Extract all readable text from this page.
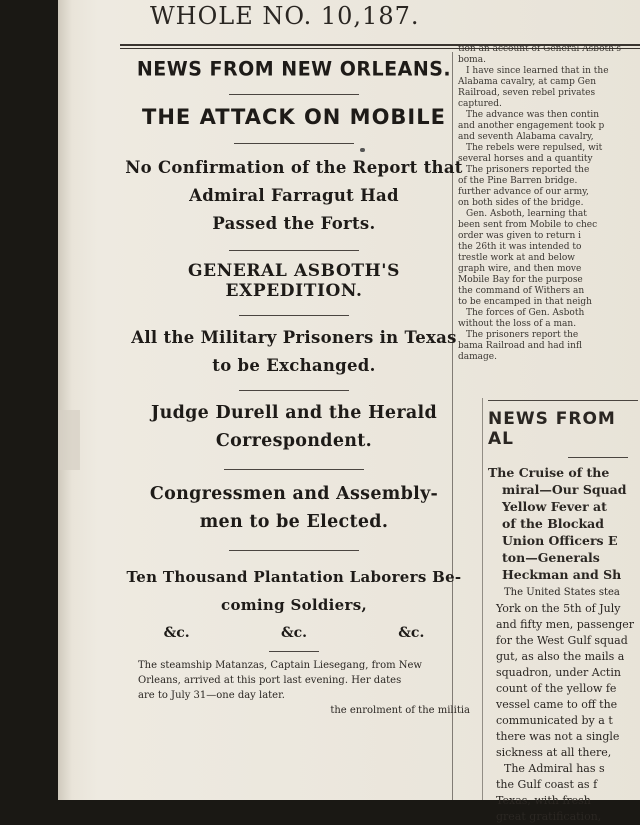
WHOLE NO. 10,187.
NEWS FROM NEW ORLEANS.
THE ATTACK ON MOBILE

No Confirmation of the Report that

Admiral Farragut Had

Passed the Forts.

GENERAL ASBOTH'S EXPEDITION.

All the Military Prisoners in Texas

to be Exchanged.

Judge Durell and the Herald

Correspondent.

Congressmen and Assembly-

men to be Elected.

Ten Thousand Plantation Laborers Be-

coming Soldiers,

&c.	&c.	&c.

The steamship Matanzas, Captain Liesegang, from New

Orleans, arrived at this port last evening. Her dates

are to July 31—one day later.

the enrolment of the militia

tion an account of General Asboth's

boma.

I have since learned that in the

Alabama cavalry, at camp Gen

Railroad, seven rebel privates

captured.

The advance was then contin

and another engagement took p

and seventh Alabama cavalry,

The rebels were repulsed, wit

several horses and a quantity

The prisoners reported the

of the Pine Barren bridge.

further advance of our army,

on both sides of the bridge.

Gen. Asboth, learning that

been sent from Mobile to chec

order was given to return i

the 26th it was intended to

trestle work at and below

graph wire, and then move

Mobile Bay for the purpose

the command of Withers an

to be encamped in that neigh

The forces of Gen. Asboth

without the loss of a man.

The prisoners report the

bama Railroad and had infl

damage.

NEWS FROM AL

The Cruise of the

miral—Our Squad

Yellow Fever at

of the Blockad

Union Officers E

ton—Generals

Heckman and Sh

The United States stea

York on the 5th of July

and fifty men, passenger

for the West Gulf squad

gut, as also the mails a

squadron, under Actin

count of the yellow fe

vessel came to off the

communicated by a t

there was not a single

sickness at all there,

The Admiral has s

the Gulf coast as f

Texas, with fresh

great gratification,
